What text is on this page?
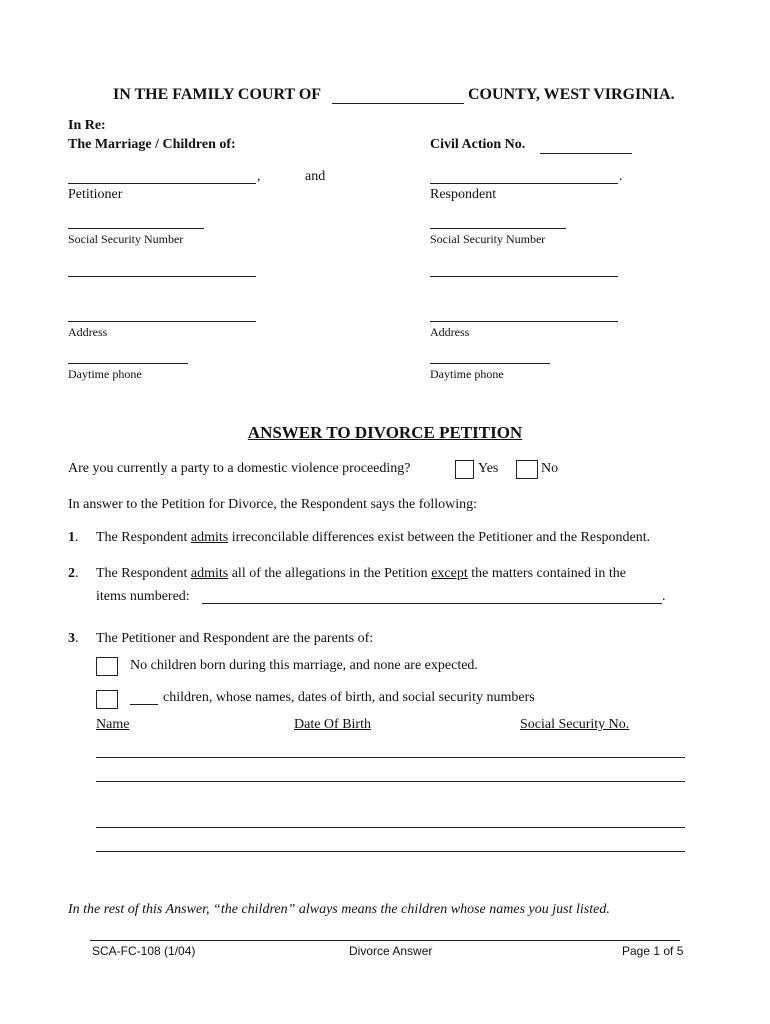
IN THE FAMILY COURT OF	COUNTY, WEST VIRGINIA.
In Re:
The Marriage / Children of:	Civil Action No.
,	and	.
Petitioner	Respondent
Social Security Number	Social Security Number
Address	Address
Daytime phone	Daytime phone
ANSWER TO DIVORCE PETITION
Are you currently a party to a domestic violence proceeding?	Yes	No
In answer to the Petition for Divorce, the Respondent says the following:
1. The Respondent admits irreconcilable differences exist between the Petitioner and the Respondent.
2. The Respondent admits all of the allegations in the Petition except the matters contained in the
items numbered:	.
3. The Petitioner and Respondent are the parents of:
No children born during this marriage, and none are expected.
children, whose names, dates of birth, and social security numbers
Name	Date Of Birth	Social Security No.
In the rest of this Answer, “the children” always means the children whose names you just listed.
SCA-FC-108 (1/04)	Divorce Answer	Page 1 of 5
